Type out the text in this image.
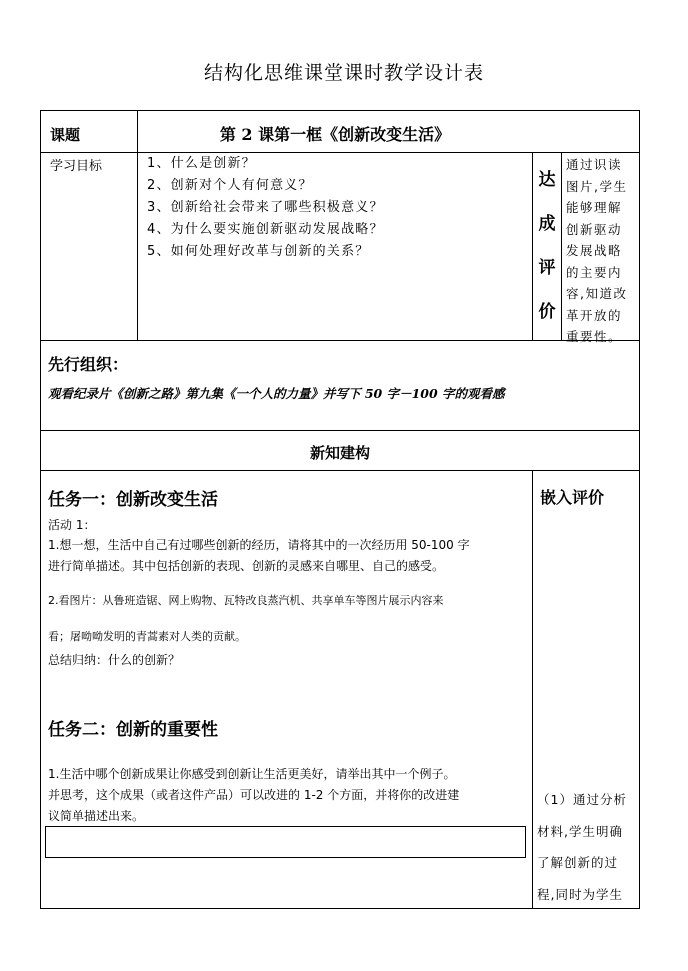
结构化思维课堂课时教学设计表
课题	第 2 课第一框《创新改变生活》
学习目标	1、什么是创新？
2、创新对个人有何意义？
3、创新给社会带来了哪些积极意义？
4、为什么要实施创新驱动发展战略？
5、如何处理好改革与创新的关系？
达
成
评
价
通过识读
图片,学生
能够理解
创新驱动
发展战略
的主要内
容,知道改
革开放的
重要性。
先行组织：
观看纪录片《创新之路》第九集《一个人的力量》并写下 50 字－100 字的观看感
新知建构
任务一：创新改变生活
活动 1：
1.想一想，生活中自己有过哪些创新的经历，请将其中的一次经历用 50-100 字
进行简单描述。其中包括创新的表现、创新的灵感来自哪里、自己的感受。
2.看图片：从鲁班造锯、网上购物、瓦特改良蒸汽机、共享单车等图片展示内容来
看；屠呦呦发明的青蒿素对人类的贡献。
总结归纳：什么的创新？
任务二：创新的重要性
1.生活中哪个创新成果让你感受到创新让生活更美好，请举出其中一个例子。
并思考，这个成果（或者这件产品）可以改进的 1-2 个方面，并将你的改进建
议简单描述出来。
嵌入评价
（1）通过分析
材料,学生明确
了解创新的过
程,同时为学生
